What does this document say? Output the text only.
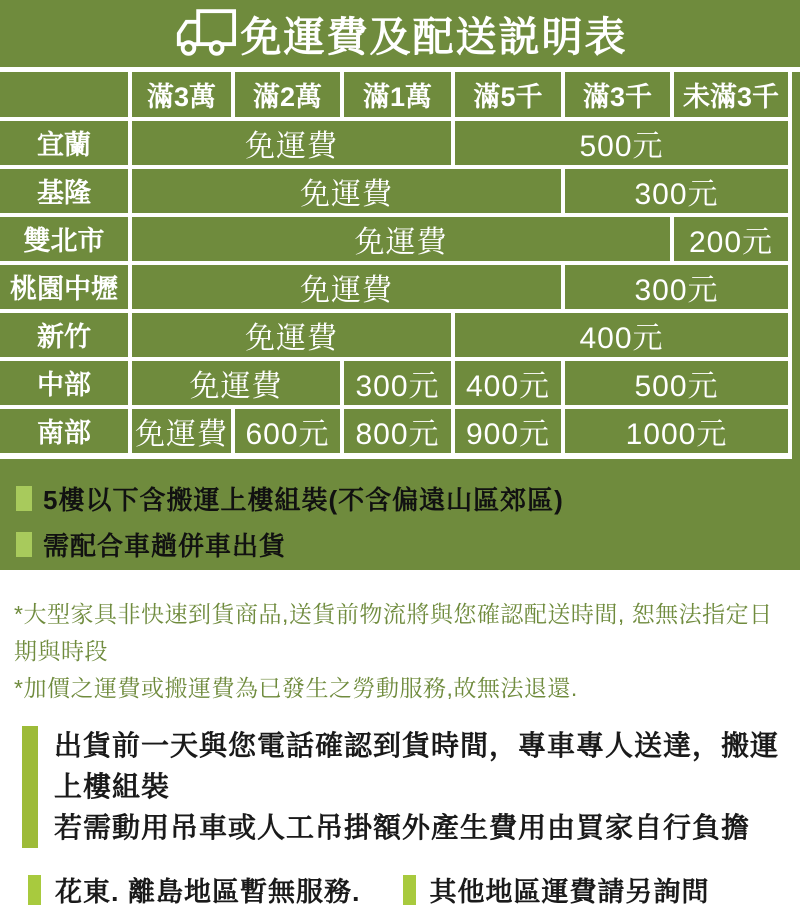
免運費及配送説明表
	滿3萬	滿2萬	滿1萬	滿5千	滿3千	未滿3千
宜蘭	免運費			500元		
基隆	免運費				300元	
雙北市	免運費					200元
桃園中壢	免運費				300元	
新竹	免運費			400元		
中部	免運費		300元	400元	500元	
南部	免運費	600元	800元	900元	1000元	
5樓以下含搬運上樓組裝(不含偏遠山區郊區)
需配合車趟併車出貨
*大型家具非快速到貨商品,送貨前物流將與您確認配送時間, 恕無法指定日期與時段
*加價之運費或搬運費為已發生之勞動服務,故無法退還.
出貨前一天與您電話確認到貨時間，專車專人送達，搬運上樓組裝
若需動用吊車或人工吊掛額外產生費用由買家自行負擔
花東. 離島地區暫無服務.	其他地區運費請另詢問
